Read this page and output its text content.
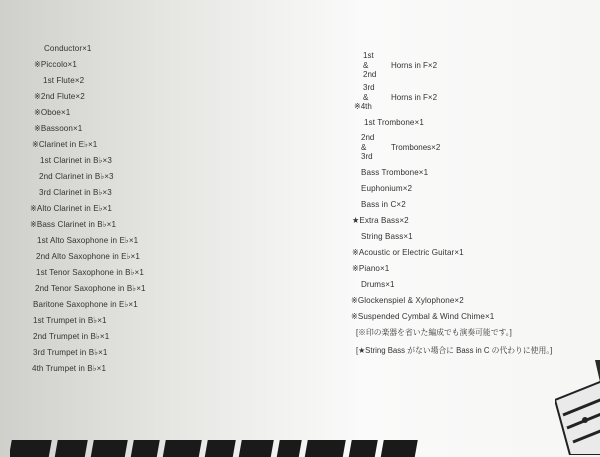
Conductor×1
※Piccolo×1
1st Flute×2
※2nd Flute×2
※Oboe×1
※Bassoon×1
※Clarinet in E♭×1
1st Clarinet in B♭×3
2nd Clarinet in B♭×3
3rd Clarinet in B♭×3
※Alto Clarinet in E♭×1
※Bass Clarinet in B♭×1
1st Alto Saxophone in E♭×1
2nd Alto Saxophone in E♭×1
1st Tenor Saxophone in B♭×1
2nd Tenor Saxophone in B♭×1
Baritone Saxophone in E♭×1
1st Trumpet in B♭×1
2nd Trumpet in B♭×1
3rd Trumpet in B♭×1
4th Trumpet in B♭×1
1st
&
2nd
Horns in F×2
3rd
&
※4th
Horns in F×2
1st Trombone×1
2nd
&
3rd
Trombones×2
Bass Trombone×1
Euphonium×2
Bass in C×2
★Extra Bass×2
String Bass×1
※Acoustic or Electric Guitar×1
※Piano×1
Drums×1
※Glockenspiel & Xylophone×2
※Suspended Cymbal & Wind Chime×1
[※印の楽器を省いた編成でも演奏可能です。]
[★String Bass がない場合に Bass in C の代わりに使用。]
